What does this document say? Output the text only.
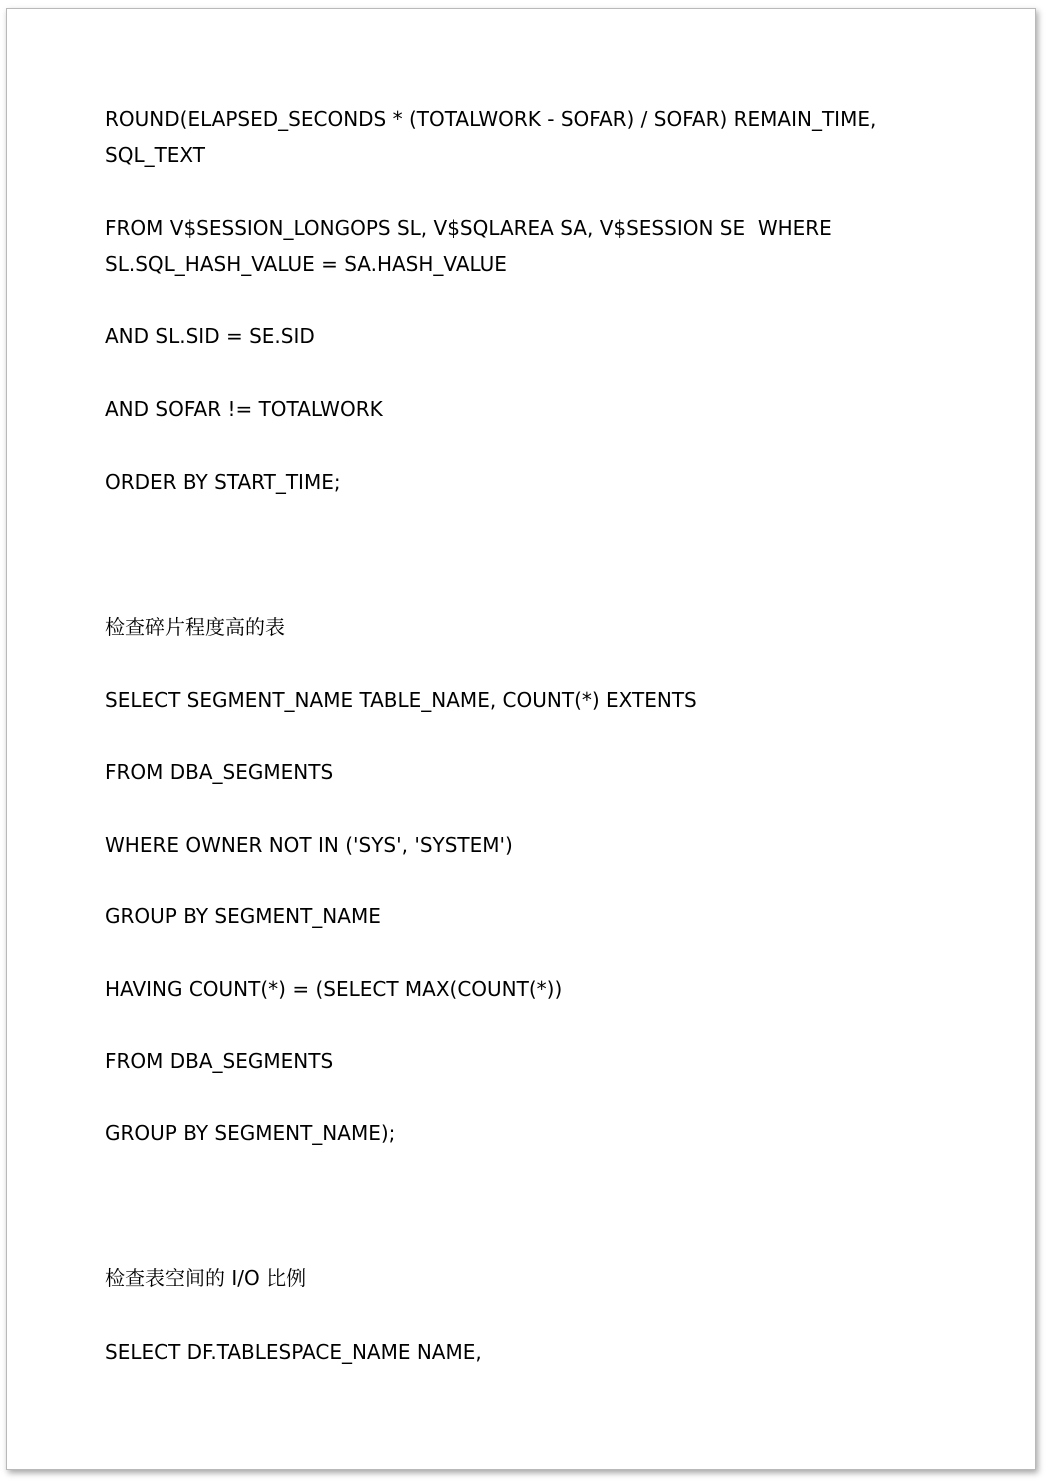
ROUND(ELAPSED_SECONDS * (TOTALWORK - SOFAR) / SOFAR) REMAIN_TIME,

SQL_TEXT

FROM V$SESSION_LONGOPS SL, V$SQLAREA SA, V$SESSION SE  WHERE

SL.SQL_HASH_VALUE = SA.HASH_VALUE

AND SL.SID = SE.SID

AND SOFAR != TOTALWORK

ORDER BY START_TIME;

检查碎片程度高的表

SELECT SEGMENT_NAME TABLE_NAME, COUNT(*) EXTENTS

FROM DBA_SEGMENTS

WHERE OWNER NOT IN ('SYS', 'SYSTEM')

GROUP BY SEGMENT_NAME

HAVING COUNT(*) = (SELECT MAX(COUNT(*))

FROM DBA_SEGMENTS

GROUP BY SEGMENT_NAME);

检查表空间的 I/O 比例

SELECT DF.TABLESPACE_NAME NAME,
